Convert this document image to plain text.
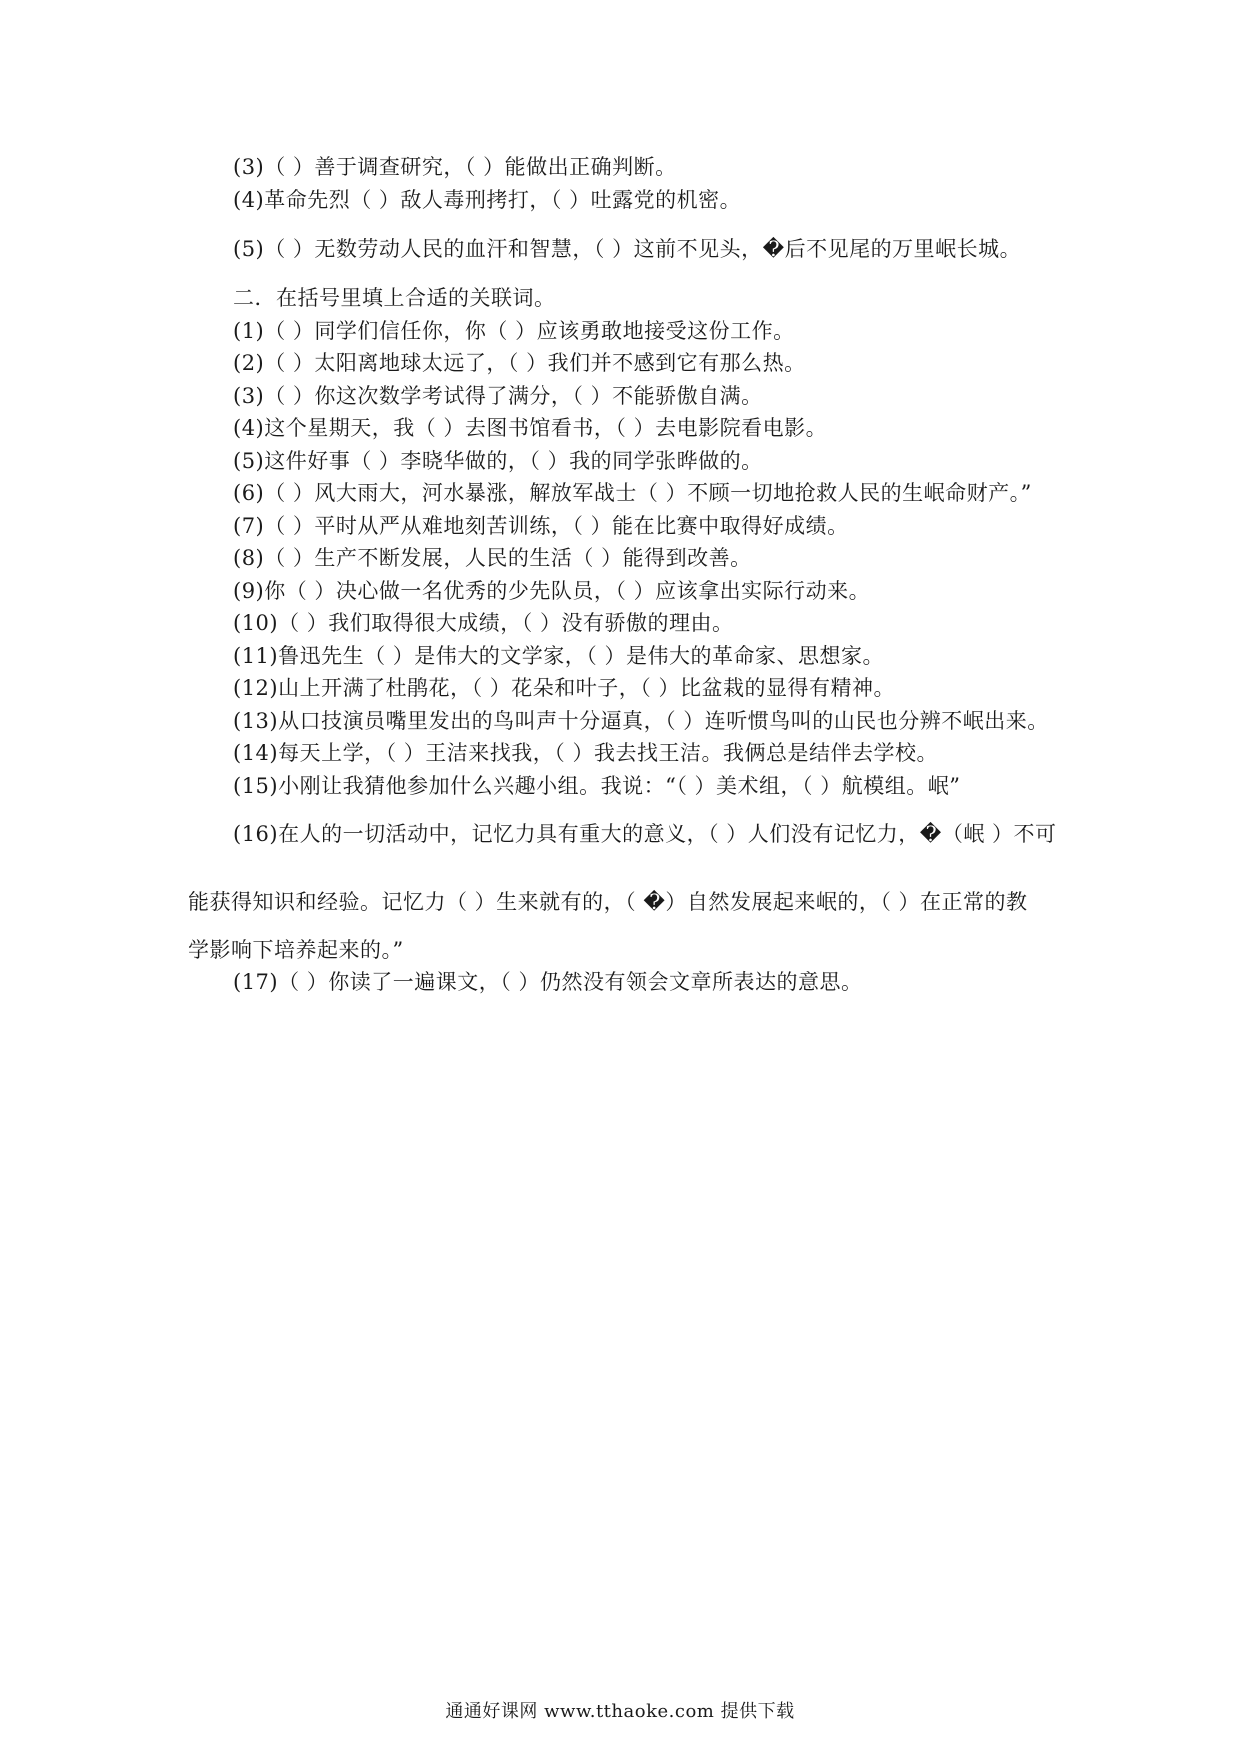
(3)（ ）善于调查研究，（ ）能做出正确判断。
(4)革命先烈（ ）敌人毒刑拷打，（ ）吐露党的机密。
(5)（ ）无数劳动人民的血汗和智慧，（ ）这前不见头，�后不见尾的万里岷长城。
二．在括号里填上合适的关联词。
(1)（ ）同学们信任你，你（ ）应该勇敢地接受这份工作。
(2)（ ）太阳离地球太远了，（ ）我们并不感到它有那么热。
(3)（ ）你这次数学考试得了满分，（ ）不能骄傲自满。
(4)这个星期天，我（ ）去图书馆看书，（ ）去电影院看电影。
(5)这件好事（ ）李晓华做的，（ ）我的同学张晔做的。
(6)（ ）风大雨大，河水暴涨，解放军战士（ ）不顾一切地抢救人民的生岷命财产。”
(7)（ ）平时从严从难地刻苦训练，（ ）能在比赛中取得好成绩。
(8)（ ）生产不断发展，人民的生活（ ）能得到改善。
(9)你（ ）决心做一名优秀的少先队员，（ ）应该拿出实际行动来。
(10)（ ）我们取得很大成绩，（ ）没有骄傲的理由。
(11)鲁迅先生（ ）是伟大的文学家，（ ）是伟大的革命家、思想家。
(12)山上开满了杜鹃花，（ ）花朵和叶子，（ ）比盆栽的显得有精神。
(13)从口技演员嘴里发出的鸟叫声十分逼真，（ ）连听惯鸟叫的山民也分辨不岷出来。
(14)每天上学，（ ）王洁来找我，（ ）我去找王洁。我俩总是结伴去学校。
(15)小刚让我猜他参加什么兴趣小组。我说：“（ ）美术组，（ ）航模组。岷”
(16)在人的一切活动中，记忆力具有重大的意义，（ ）人们没有记忆力，�（岷 ）不可
能获得知识和经验。记忆力（ ）生来就有的，（ �）自然发展起来岷的，（ ）在正常的教
学影响下培养起来的。”
(17)（ ）你读了一遍课文，（ ）仍然没有领会文章所表达的意思。
通通好课网 www.tthaoke.com 提供下载
